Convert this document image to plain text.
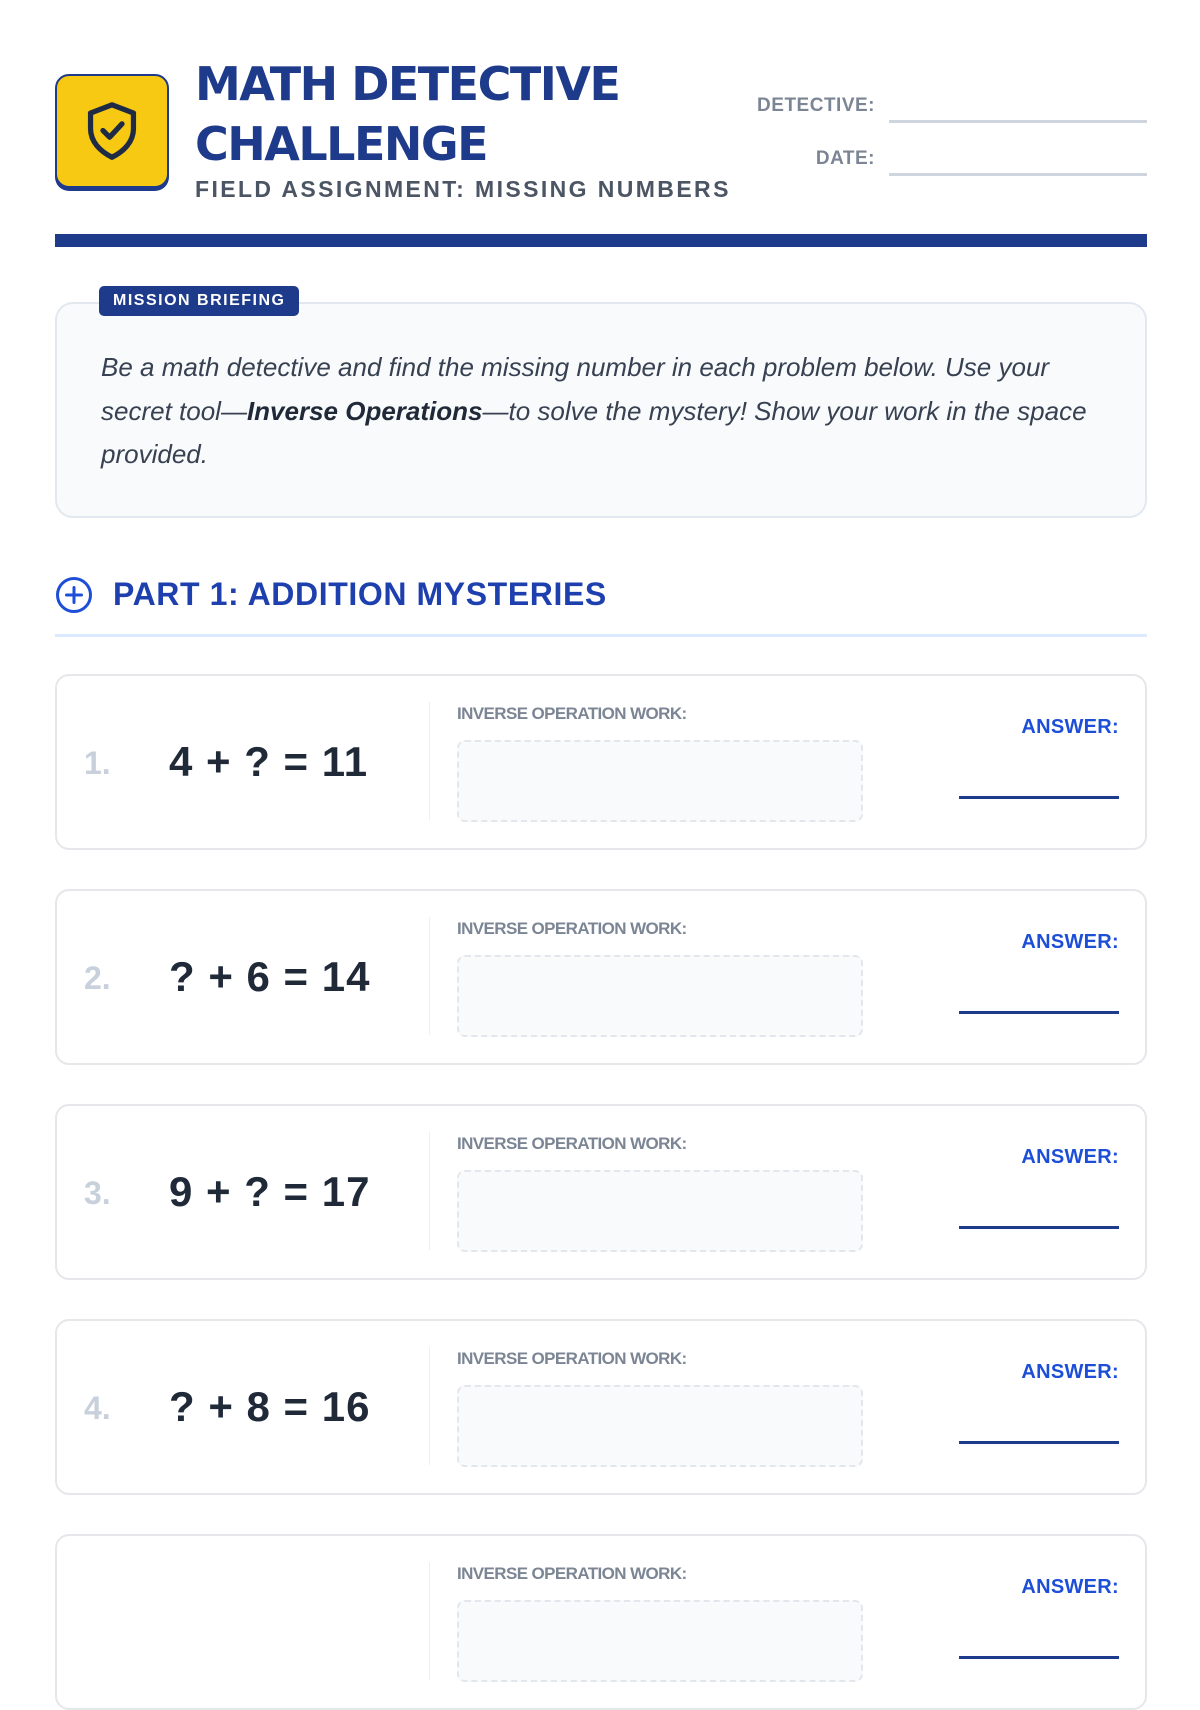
MATH DETECTIVE
CHALLENGE
FIELD ASSIGNMENT: MISSING NUMBERS
DETECTIVE:
DATE:
MISSION BRIEFING

Be a math detective and find the missing number in each problem below. Use your secret tool—Inverse Operations—to solve the mystery! Show your work in the space provided.

PART 1: ADDITION MYSTERIES
1. 4 + ? = 11
INVERSE OPERATION WORK:
ANSWER:
2. ? + 6 = 14
INVERSE OPERATION WORK:
ANSWER:
3. 9 + ? = 17
INVERSE OPERATION WORK:
ANSWER:
4. ? + 8 = 16
INVERSE OPERATION WORK:
ANSWER:
INVERSE OPERATION WORK:
ANSWER:
